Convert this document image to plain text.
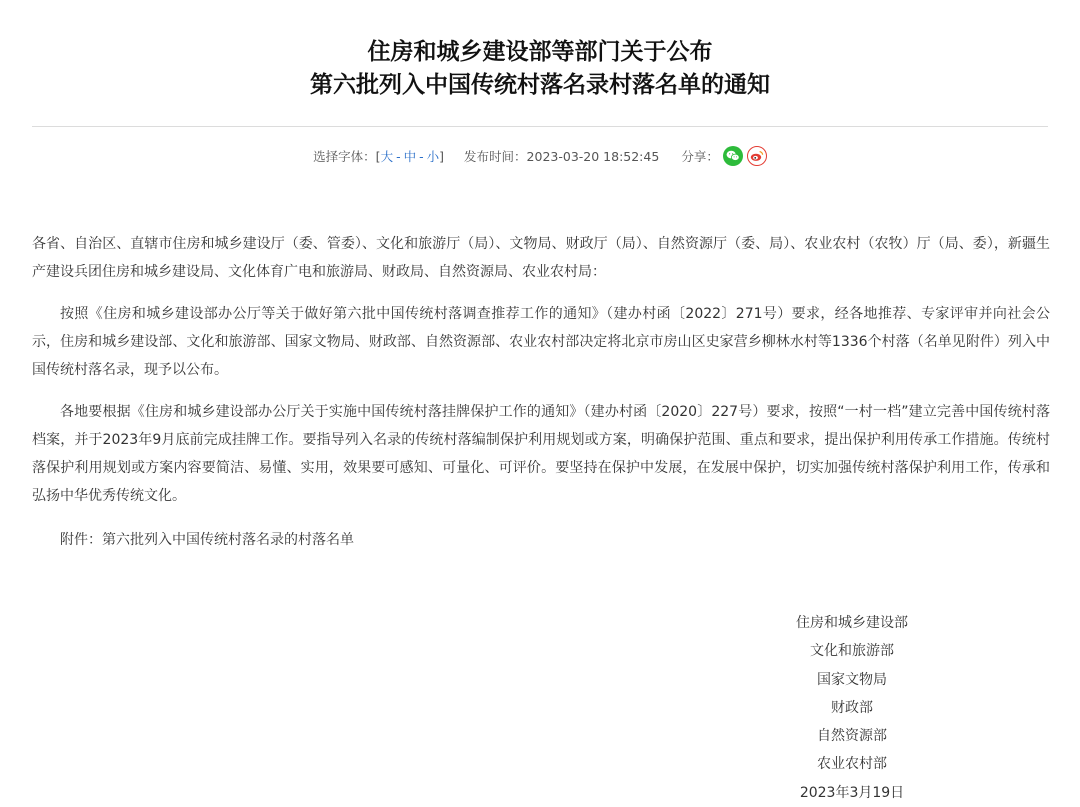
住房和城乡建设部等部门关于公布
第六批列入中国传统村落名录村落名单的通知
选择字体： [ 大 - 中 - 小 ] 发布时间： 2023-03-20 18:52:45 分享：
各省、自治区、直辖市住房和城乡建设厅（委、管委）、文化和旅游厅（局）、文物局、财政厅（局）、自然资源厅（委、局）、农业农村（农牧）厅（局、委），新疆生产建设兵团住房和城乡建设局、文化体育广电和旅游局、财政局、自然资源局、农业农村局：
按照《住房和城乡建设部办公厅等关于做好第六批中国传统村落调查推荐工作的通知》（建办村函〔2022〕271号）要求，经各地推荐、专家评审并向社会公示，住房和城乡建设部、文化和旅游部、国家文物局、财政部、自然资源部、农业农村部决定将北京市房山区史家营乡柳林水村等1336个村落（名单见附件）列入中国传统村落名录，现予以公布。
各地要根据《住房和城乡建设部办公厅关于实施中国传统村落挂牌保护工作的通知》（建办村函〔2020〕227号）要求，按照“一村一档”建立完善中国传统村落档案，并于2023年9月底前完成挂牌工作。要指导列入名录的传统村落编制保护利用规划或方案，明确保护范围、重点和要求，提出保护利用传承工作措施。传统村落保护利用规划或方案内容要简洁、易懂、实用，效果要可感知、可量化、可评价。要坚持在保护中发展，在发展中保护，切实加强传统村落保护利用工作，传承和弘扬中华优秀传统文化。
附件：第六批列入中国传统村落名录的村落名单
住房和城乡建设部
文化和旅游部
国家文物局
财政部
自然资源部
农业农村部
2023年3月19日
